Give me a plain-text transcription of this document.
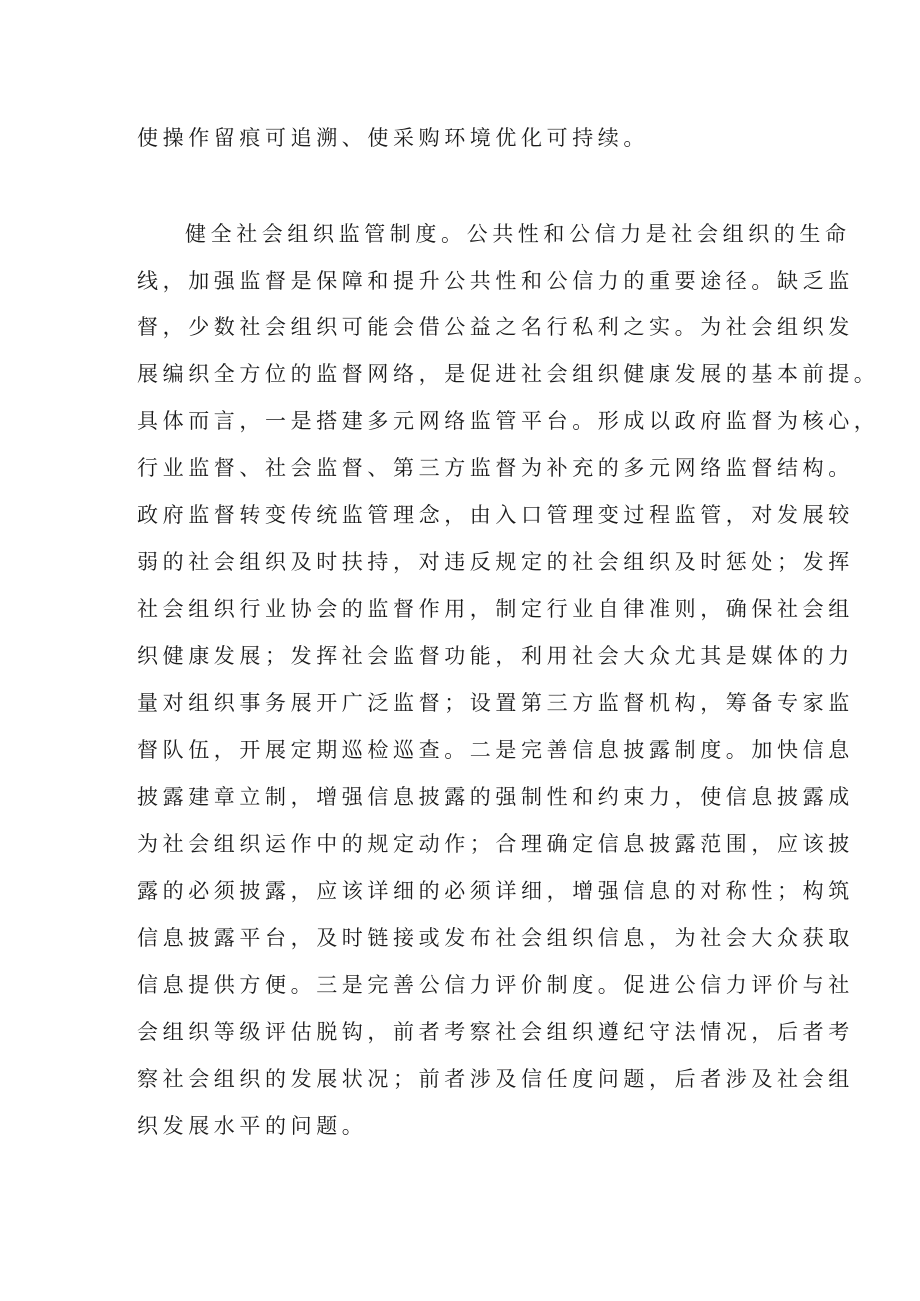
使操作留痕可追溯、使采购环境优化可持续。
健全社会组织监管制度。公共性和公信力是社会组织的生命
线，加强监督是保障和提升公共性和公信力的重要途径。缺乏监
督，少数社会组织可能会借公益之名行私利之实。为社会组织发
展编织全方位的监督网络，是促进社会组织健康发展的基本前提。
具体而言，一是搭建多元网络监管平台。形成以政府监督为核心，
行业监督、社会监督、第三方监督为补充的多元网络监督结构。
政府监督转变传统监管理念，由入口管理变过程监管，对发展较
弱的社会组织及时扶持，对违反规定的社会组织及时惩处；发挥
社会组织行业协会的监督作用，制定行业自律准则，确保社会组
织健康发展；发挥社会监督功能，利用社会大众尤其是媒体的力
量对组织事务展开广泛监督；设置第三方监督机构，筹备专家监
督队伍，开展定期巡检巡查。二是完善信息披露制度。加快信息
披露建章立制，增强信息披露的强制性和约束力，使信息披露成
为社会组织运作中的规定动作；合理确定信息披露范围，应该披
露的必须披露，应该详细的必须详细，增强信息的对称性；构筑
信息披露平台，及时链接或发布社会组织信息，为社会大众获取
信息提供方便。三是完善公信力评价制度。促进公信力评价与社
会组织等级评估脱钩，前者考察社会组织遵纪守法情况，后者考
察社会组织的发展状况；前者涉及信任度问题，后者涉及社会组
织发展水平的问题。
